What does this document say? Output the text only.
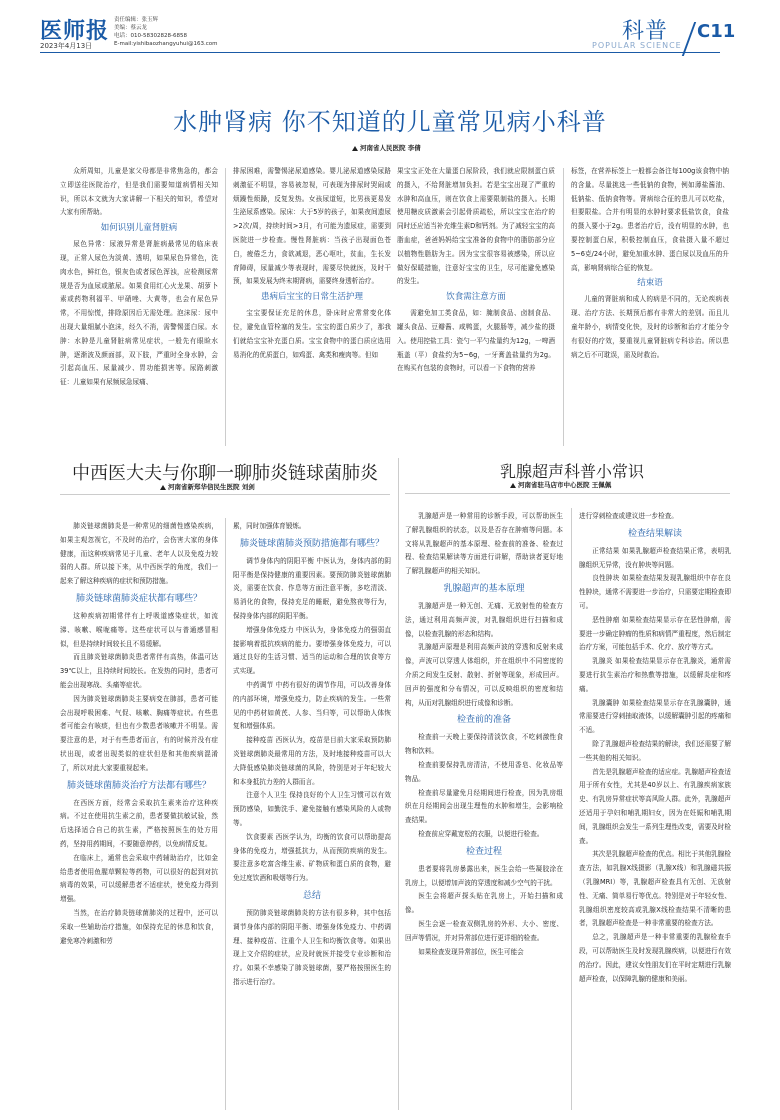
医师报 责任编辑：张玉辉
美编：蔡云龙
电话：010-58302828-6858
2023年4月13日	E-mail:yishibaozhangyuhui@163.com	科普
POPULAR SCIENCE
C11
水肿肾病 你不知道的儿童常见病小科普
河南省人民医院 李倩

众所周知，儿童是家父母都是非常焦急的，都会立即送往医院治疗，但是我们需要知道病情相关知识，所以本文就为大家讲解一下相关的知识，希望对大家有所帮助。

如何识别儿童肾脏病

尿色异常：尿液异常是肾脏病最常见的临床表现，正常人尿色为淡黄、透明，如果尿色异常色，洗肉水色，鲜红色，银灰色或者尿色浑浊，应检测尿常规是否为血尿或脓尿。如果食用红心火龙果、胡萝卜素或药物利福平、甲硝唑、大黄等，也会有尿色异常，不用惊慌，排除原因后无需处理。泡沫尿：尿中出现大量细腻小泡沫，经久不消，需警惕蛋白尿。水肿：水肿是儿童肾脏病常见症状，一般先有眼睑水肿，逐渐波及颜面部，双下肢，严重时全身水肿，会引起高血压、尿量减少、胃功能损害等。尿路刺激征：儿童如果有尿频尿急尿痛、

排尿困难，需警惕泌尿道感染。婴儿泌尿道感染尿路刺激征不明显，容易被忽视，可表现为排尿时哭闹或烦躁性烦躁，反复发热。女孩尿道短，比男孩更易发生泌尿系感染。尿床：大于5岁的孩子，如果夜间遗尿>2次/周，持续时间>3月，有可能为遗尿症，需要到医院进一步检查。慢性肾脏病：当孩子出现面色苍白，疲倦乏力，食欲减退，恶心呕吐，贫血，生长发育障碍，尿量减少等表现时，需要尽快就医，及时干预，如果发展为终末期肾病，需要终身透析治疗。

患病后宝宝的日常生活护理

宝宝要保证充足的休息，卧床时应常常变化体位，避免血管栓塞的发生。宝宝的蛋白质少了，那我们就给宝宝补充蛋白质。宝宝食物中的蛋白质应选用易消化的优质蛋白，如鸡蛋、禽类和瘦肉等。但如

果宝宝正处在大量蛋白尿阶段，我们就应限制蛋白质的摄入，不给肾脏增加负担。若是宝宝出现了严重的水肿和高血压，则在饮食上需要限制盐的摄入。长期使用糖皮质激素会引起骨质疏松，所以宝宝在治疗的同时还应适当补充维生素D和钙剂。为了减轻宝宝的高脂血症，爸爸妈妈给宝宝准备的食物中的脂肪部分应以植物性脂肪为主。因为宝宝很容易被感染，所以应做好保暖措施，注意好宝宝的卫生，尽可能避免感染的发生。

饮食需注意方面

需避免加工类食品，如：腌制食品、卤制食品、罐头食品、豆瓣酱、咸鸭蛋，火腿肠等，减少盐的摄入。使用控盐工具：瓷勺一平勺盐量约为12g，一啤酒瓶盖（平）食盐约为5~6g，一牙膏盖盐量约为2g。在购买有包装的食物时，可以看一下食物的营养

标签，在营养标签上一般都会备注每100g该食物中钠的含量。尽量挑选一些低钠的食物，例如薄盐酱油、低钠盐、低钠食物等。肾病综合征的患儿可以吃盐，但要限盐。合并有明显的水肿时要求低盐饮食，食盐的摄入要小于2g。患者治疗后，没有明显的水肿，也要控制蛋白尿，积极控制血压，食盐摄入量不超过5~6克/24小时，避免加重水肿、蛋白尿以及血压的升高，影响肾病综合征的恢复。

结束语

儿童的肾脏病和成人的病是不同的，无论疾病表现、治疗方法、长期预后都有非常大的差别。而且儿童年龄小，病情变化快，及时的诊断和治疗才能分令有很好的疗效，要重视儿童肾脏病专科诊治。所以患病之后不可耽误，需及时救治。

中西医大夫与你聊一聊肺炎链球菌肺炎
河南省新郑华信民生医院 刘剑

肺炎链球菌肺炎是一种常见的细菌性感染疾病，如果主观忽视它，不及时的治疗，会伤害大家的身体健康，而这种疾病常见于儿童、老年人以及免疫力较弱的人群。所以接下来，从中西医学的角度，我们一起来了解这种疾病的症状和预防措施。

肺炎链球菌肺炎症状都有哪些？

这种疾病初期常伴有上呼吸道感染症状，如流涕、咳嗽、喉咙痛等。这些症状可以与普通感冒相似，但是持续时间较长且不易缓解。

而且肺炎链球菌肺炎患者常伴有高热，体温可达39℃以上，且持续时间较长。在发热的同时，患者可能会出现寒战、头痛等症状。

因为肺炎链球菌肺炎主要病变在肺部，患者可能会出现呼吸困难、气促、咳嗽、胸痛等症状。有些患者可能会有咳痰，但也有少数患者咳嗽并不明显。需要注意的是，对于有些患者而言，有的时候并没有症状出现，或者出现类似的症状但是和其他疾病混淆了，所以对此大家要重视起来。

肺炎链球菌肺炎治疗方法都有哪些？

在西医方面，经常会采取抗生素来治疗这种疾病。不过在使用抗生素之前，患者要做抗敏试验，然后选择适合自己的抗生素，严格按照医生的处方用药，坚持用药期间，不要随意停药，以免病情反复。

在临床上，通常也会采取中药辅助治疗，比如金给患者使用鱼腥草颗粒等药物，可以很好的起到对抗病毒的效果，可以缓解患者不适症状，使免疫力得到增强。

当然，在治疗肺炎链球菌肺炎的过程中，还可以采取一些辅助治疗措施，如保持充足的休息和饮食，避免寒冷刺激和劳

累，同时加强体育锻炼。

肺炎链球菌肺炎预防措施都有哪些？

调节身体内的阴阳平衡 中医认为，身体内部的阴阳平衡是保持健康的重要因素。要预防肺炎链球菌肺炎，需要在饮食、作息等方面注意平衡，多吃清淡、易消化的食物，保持充足的睡眠，避免熬夜等行为，保持身体内部的阴阳平衡。

增强身体免疫力 中医认为，身体免疫力的强弱直接影响着抵抗疾病的能力。要增强身体免疫力，可以通过良好的生活习惯、适当的运动和合理的饮食等方式实现。

中药调节 中药有很好的调节作用，可以改善身体的内部环境，增强免疫力，防止疾病的发生。一些常见的中药材如黄芪、人参、当归等，可以帮助人体恢复和增强体质。

接种疫苗 西医认为，疫苗是目前大家采取预防肺炎链球菌肺炎最常用的方法，及时地接种疫苗可以大大降低感染肺炎链球菌的风险，特别是对于年纪较大和本身抵抗力差的人群而言。

注意个人卫生 保持良好的个人卫生习惯可以有效预防感染，如勤洗手、避免接触有感染风险的人或物等。

饮食要素 西医学认为，均衡的饮食可以帮助提高身体的免疫力，增强抵抗力，从而预防疾病的发生。要注意多吃富含维生素、矿物质和蛋白质的食物，避免过度饮酒和吸烟等行为。

总结

预防肺炎链球菌肺炎的方法有很多种，其中包括调节身体内部的阴阳平衡、增强身体免疫力、中药调理、接种疫苗、注重个人卫生和均衡饮食等。如果出现上文介绍的症状，应及时就医并接受专业诊断和治疗。如果不幸感染了肺炎链球菌，要严格按照医生的指示进行治疗。

乳腺超声科普小常识
河南省驻马店市中心医院 王佩佩

乳腺超声是一种常用的诊断手段，可以帮助医生了解乳腺组织的状态，以及是否存在肿瘤等问题。本文将从乳腺超声的基本原理、检查前的准备、检查过程、检查结果解读等方面进行讲解，帮助读者更好地了解乳腺超声的相关知识。

乳腺超声的基本原理

乳腺超声是一种无创、无痛、无放射性的检查方法，通过利用高频声波，对乳腺组织进行扫描和成像，以检查乳腺的形态和结构。

乳腺超声原理是利用高频声波的穿透和反射来成像，声波可以穿透人体组织，并在组织中不同密度的介质之间发生反射、散射、折射等现象，形成回声。回声的强度和分布情况，可以反映组织的密度和结构，从而对乳腺组织进行成像和诊断。

检查前的准备

检查前一天晚上要保持清淡饮食，不吃刺激性食物和饮料。

检查前要保持乳房清洁，不使用香皂、化妆品等物品。

检查前尽量避免月经期间进行检查，因为乳房组织在月经期间会出现生理性的水肿和增生，会影响检查结果。

检查前应穿戴宽松的衣服，以便进行检查。

检查过程

患者要将乳房暴露出来，医生会给一些凝胶涂在乳房上，以便增加声波的穿透度和减少空气的干扰。

医生会将超声探头贴在乳房上，开始扫描和成像。

医生会逐一检查双侧乳房的外形、大小、密度、回声等情况，并对异常部位进行更详细的检查。

如果检查发现异常部位，医生可能会

进行穿刺检查或建议进一步检查。

检查结果解读

正常结果 如果乳腺超声检查结果正常，表明乳腺组织无异常，没有肿块等问题。

良性肿块 如果检查结果发现乳腺组织中存在良性肿块，通常不需要进一步治疗，只需要定期检查即可。

恶性肿瘤 如果检查结果显示存在恶性肿瘤，需要进一步确定肿瘤的性质和病情严重程度，然后制定治疗方案，可能包括手术、化疗、放疗等方式。

乳腺炎 如果检查结果显示存在乳腺炎，通常需要进行抗生素治疗和热敷等措施，以缓解炎症和疼痛。

乳腺囊肿 如果检查结果显示存在乳腺囊肿，通常需要进行穿刺抽取液体，以缓解囊肿引起的疼痛和不适。

除了乳腺超声检查结果的解读，我们还需要了解一些其他的相关知识。

首先是乳腺超声检查的适应症。乳腺超声检查适用于所有女性，尤其是40岁以上、有乳腺疾病家族史、有乳房异常症状等高风险人群。此外，乳腺超声还适用于孕妇和哺乳期妇女，因为在妊娠和哺乳期间，乳腺组织会发生一系列生理性改变，需要及时检查。

其次是乳腺超声检查的优点。相比于其他乳腺检查方法，如乳腺X线摄影（乳腺X线）和乳腺磁共振（乳腺MRI）等，乳腺超声检查具有无创、无放射性、无痛、简单易行等优点。特别是对于年轻女性、乳腺组织密度较高或乳腺X线检查结果不清晰的患者，乳腺超声检查是一种非常重要的检查方法。

总之，乳腺超声是一种非常重要的乳腺检查手段，可以帮助医生及时发现乳腺疾病，以便进行有效的治疗。因此，建议女性朋友们在平时定期进行乳腺超声检查，以保障乳腺的健康和美丽。
